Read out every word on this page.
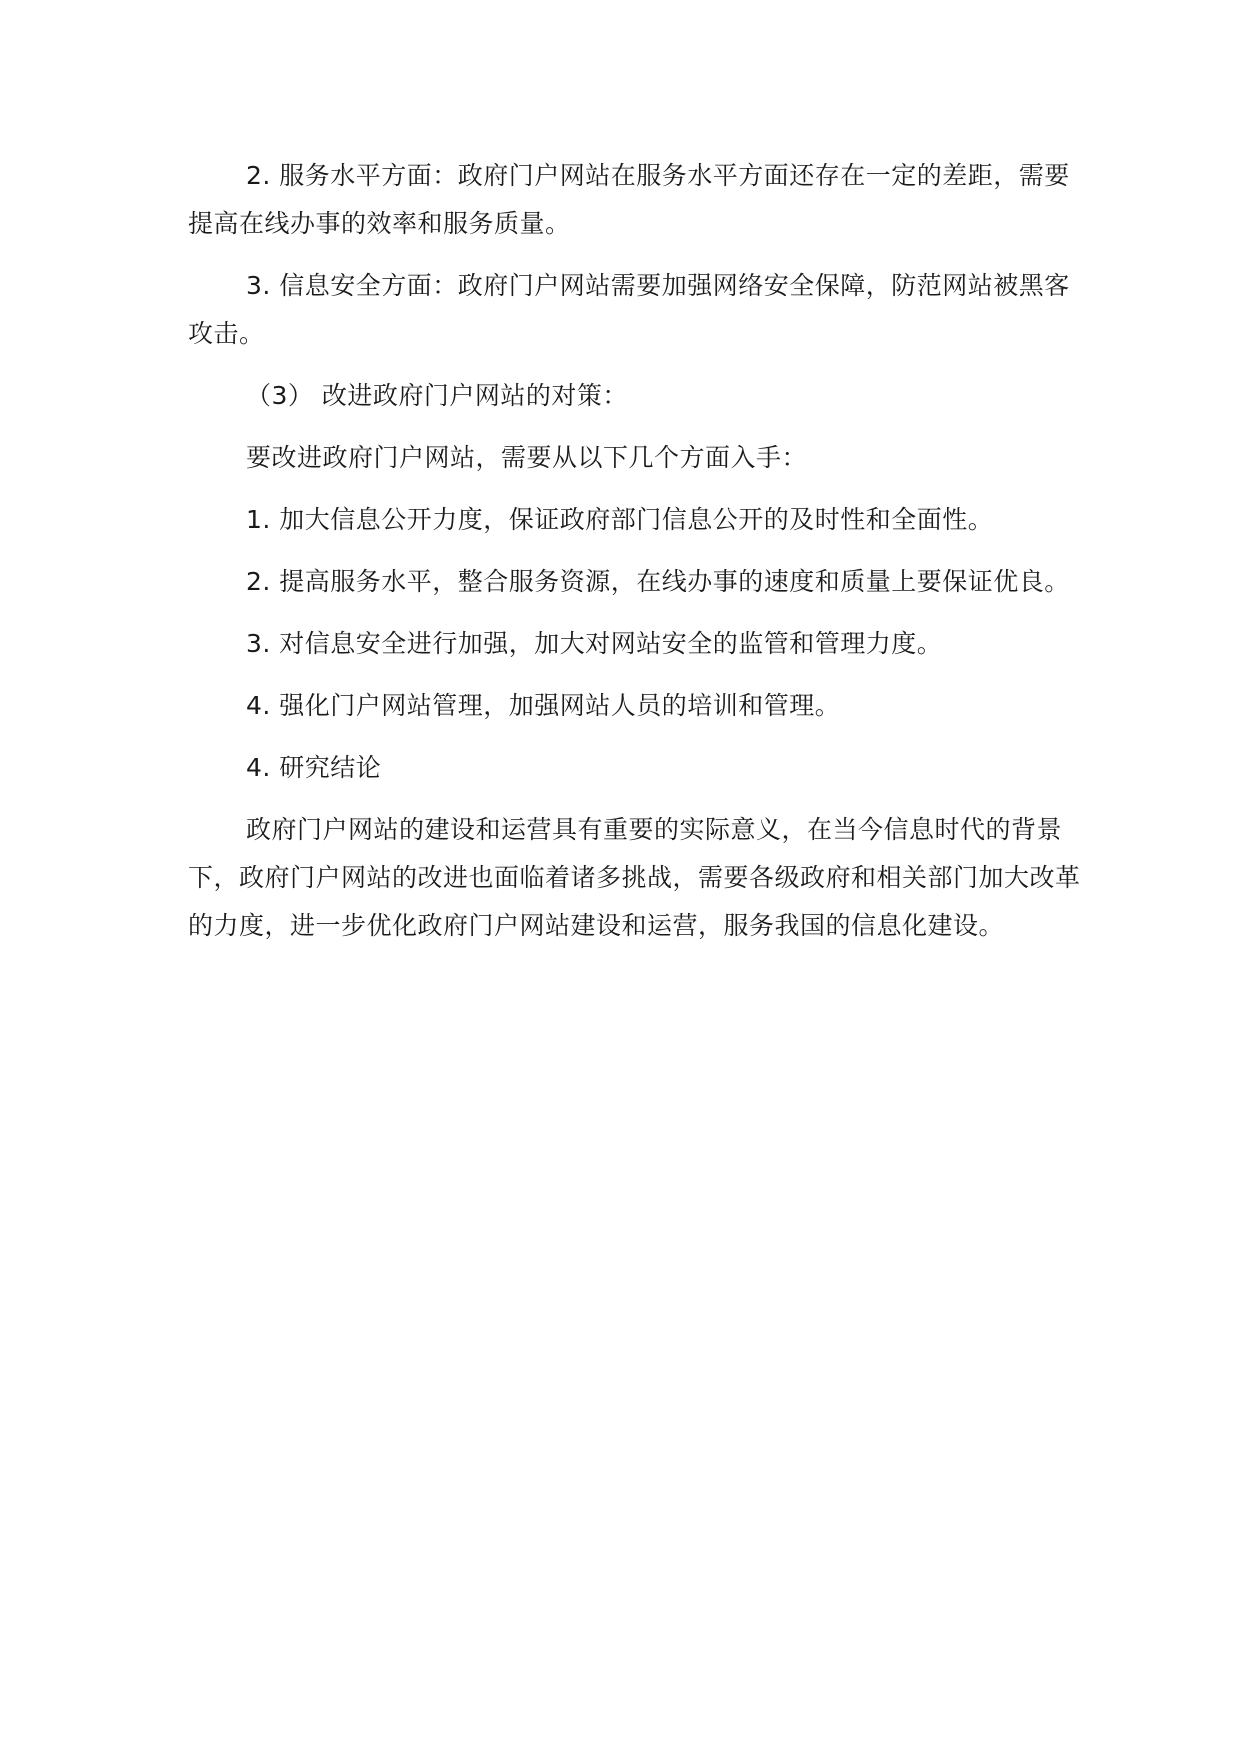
2. 服务水平方面：政府门户网站在服务水平方面还存在一定的差距，需要提高在线办事的效率和服务质量。

3. 信息安全方面：政府门户网站需要加强网络安全保障，防范网站被黑客攻击。

（3） 改进政府门户网站的对策：

要改进政府门户网站，需要从以下几个方面入手：

1. 加大信息公开力度，保证政府部门信息公开的及时性和全面性。

2. 提高服务水平，整合服务资源，在线办事的速度和质量上要保证优良。

3. 对信息安全进行加强，加大对网站安全的监管和管理力度。

4. 强化门户网站管理，加强网站人员的培训和管理。

4. 研究结论

政府门户网站的建设和运营具有重要的实际意义，在当今信息时代的背景下，政府门户网站的改进也面临着诸多挑战，需要各级政府和相关部门加大改革的力度，进一步优化政府门户网站建设和运营，服务我国的信息化建设。
